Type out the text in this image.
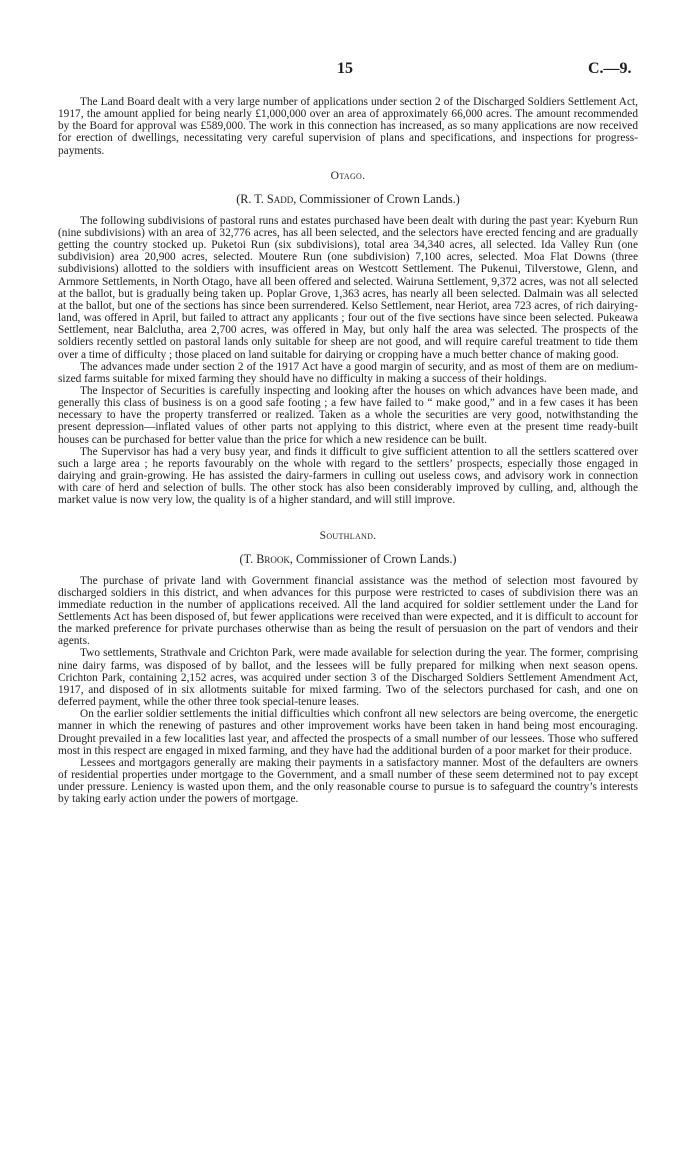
15	C.—9.

The Land Board dealt with a very large number of applications under section 2 of the Discharged Soldiers Settlement Act, 1917, the amount applied for being nearly £1,000,000 over an area of approximately 66,000 acres. The amount recommended by the Board for approval was £589,000. The work in this connection has increased, as so many applications are now received for erection of dwellings, necessitating very careful supervision of plans and specifications, and inspections for progress-payments.

Otago.
(R. T. Sadd, Commissioner of Crown Lands.)

The following subdivisions of pastoral runs and estates purchased have been dealt with during the past year: Kyeburn Run (nine subdivisions) with an area of 32,776 acres, has all been selected, and the selectors have erected fencing and are gradually getting the country stocked up. Puketoi Run (six subdivisions), total area 34,340 acres, all selected. Ida Valley Run (one subdivision) area 20,900 acres, selected. Moutere Run (one subdivision) 7,100 acres, selected. Moa Flat Downs (three subdivisions) allotted to the soldiers with insufficient areas on Westcott Settlement. The Pukenui, Tilverstowe, Glenn, and Arnmore Settlements, in North Otago, have all been offered and selected. Wairuna Settlement, 9,372 acres, was not all selected at the ballot, but is gradually being taken up. Poplar Grove, 1,363 acres, has nearly all been selected. Dalmain was all selected at the ballot, but one of the sections has since been surrendered. Kelso Settlement, near Heriot, area 723 acres, of rich dairying-land, was offered in April, but failed to attract any applicants ; four out of the five sections have since been selected. Pukeawa Settlement, near Balclutha, area 2,700 acres, was offered in May, but only half the area was selected. The prospects of the soldiers recently settled on pastoral lands only suitable for sheep are not good, and will require careful treatment to tide them over a time of difficulty ; those placed on land suitable for dairying or cropping have a much better chance of making good.

The advances made under section 2 of the 1917 Act have a good margin of security, and as most of them are on medium-sized farms suitable for mixed farming they should have no difficulty in making a success of their holdings.

The Inspector of Securities is carefully inspecting and looking after the houses on which advances have been made, and generally this class of business is on a good safe footing ; a few have failed to “ make good,” and in a few cases it has been necessary to have the property transferred or realized. Taken as a whole the securities are very good, notwithstanding the present depression—inflated values of other parts not applying to this district, where even at the present time ready-built houses can be purchased for better value than the price for which a new residence can be built.

The Supervisor has had a very busy year, and finds it difficult to give sufficient attention to all the settlers scattered over such a large area ; he reports favourably on the whole with regard to the settlers’ prospects, especially those engaged in dairying and grain-growing. He has assisted the dairy-farmers in culling out useless cows, and advisory work in connection with care of herd and selection of bulls. The other stock has also been considerably improved by culling, and, although the market value is now very low, the quality is of a higher standard, and will still improve.

Southland.
(T. Brook, Commissioner of Crown Lands.)

The purchase of private land with Government financial assistance was the method of selection most favoured by discharged soldiers in this district, and when advances for this purpose were restricted to cases of subdivision there was an immediate reduction in the number of applications received. All the land acquired for soldier settlement under the Land for Settlements Act has been disposed of, but fewer applications were received than were expected, and it is difficult to account for the marked preference for private purchases otherwise than as being the result of persuasion on the part of vendors and their agents.

Two settlements, Strathvale and Crichton Park, were made available for selection during the year. The former, comprising nine dairy farms, was disposed of by ballot, and the lessees will be fully prepared for milking when next season opens. Crichton Park, containing 2,152 acres, was acquired under section 3 of the Discharged Soldiers Settlement Amendment Act, 1917, and disposed of in six allotments suitable for mixed farming. Two of the selectors purchased for cash, and one on deferred payment, while the other three took special-tenure leases.

On the earlier soldier settlements the initial difficulties which confront all new selectors are being overcome, the energetic manner in which the renewing of pastures and other improvement works have been taken in hand being most encouraging. Drought prevailed in a few localities last year, and affected the prospects of a small number of our lessees. Those who suffered most in this respect are engaged in mixed farming, and they have had the additional burden of a poor market for their produce.

Lessees and mortgagors generally are making their payments in a satisfactory manner. Most of the defaulters are owners of residential properties under mortgage to the Government, and a small number of these seem determined not to pay except under pressure. Leniency is wasted upon them, and the only reasonable course to pursue is to safeguard the country’s interests by taking early action under the powers of mortgage.
